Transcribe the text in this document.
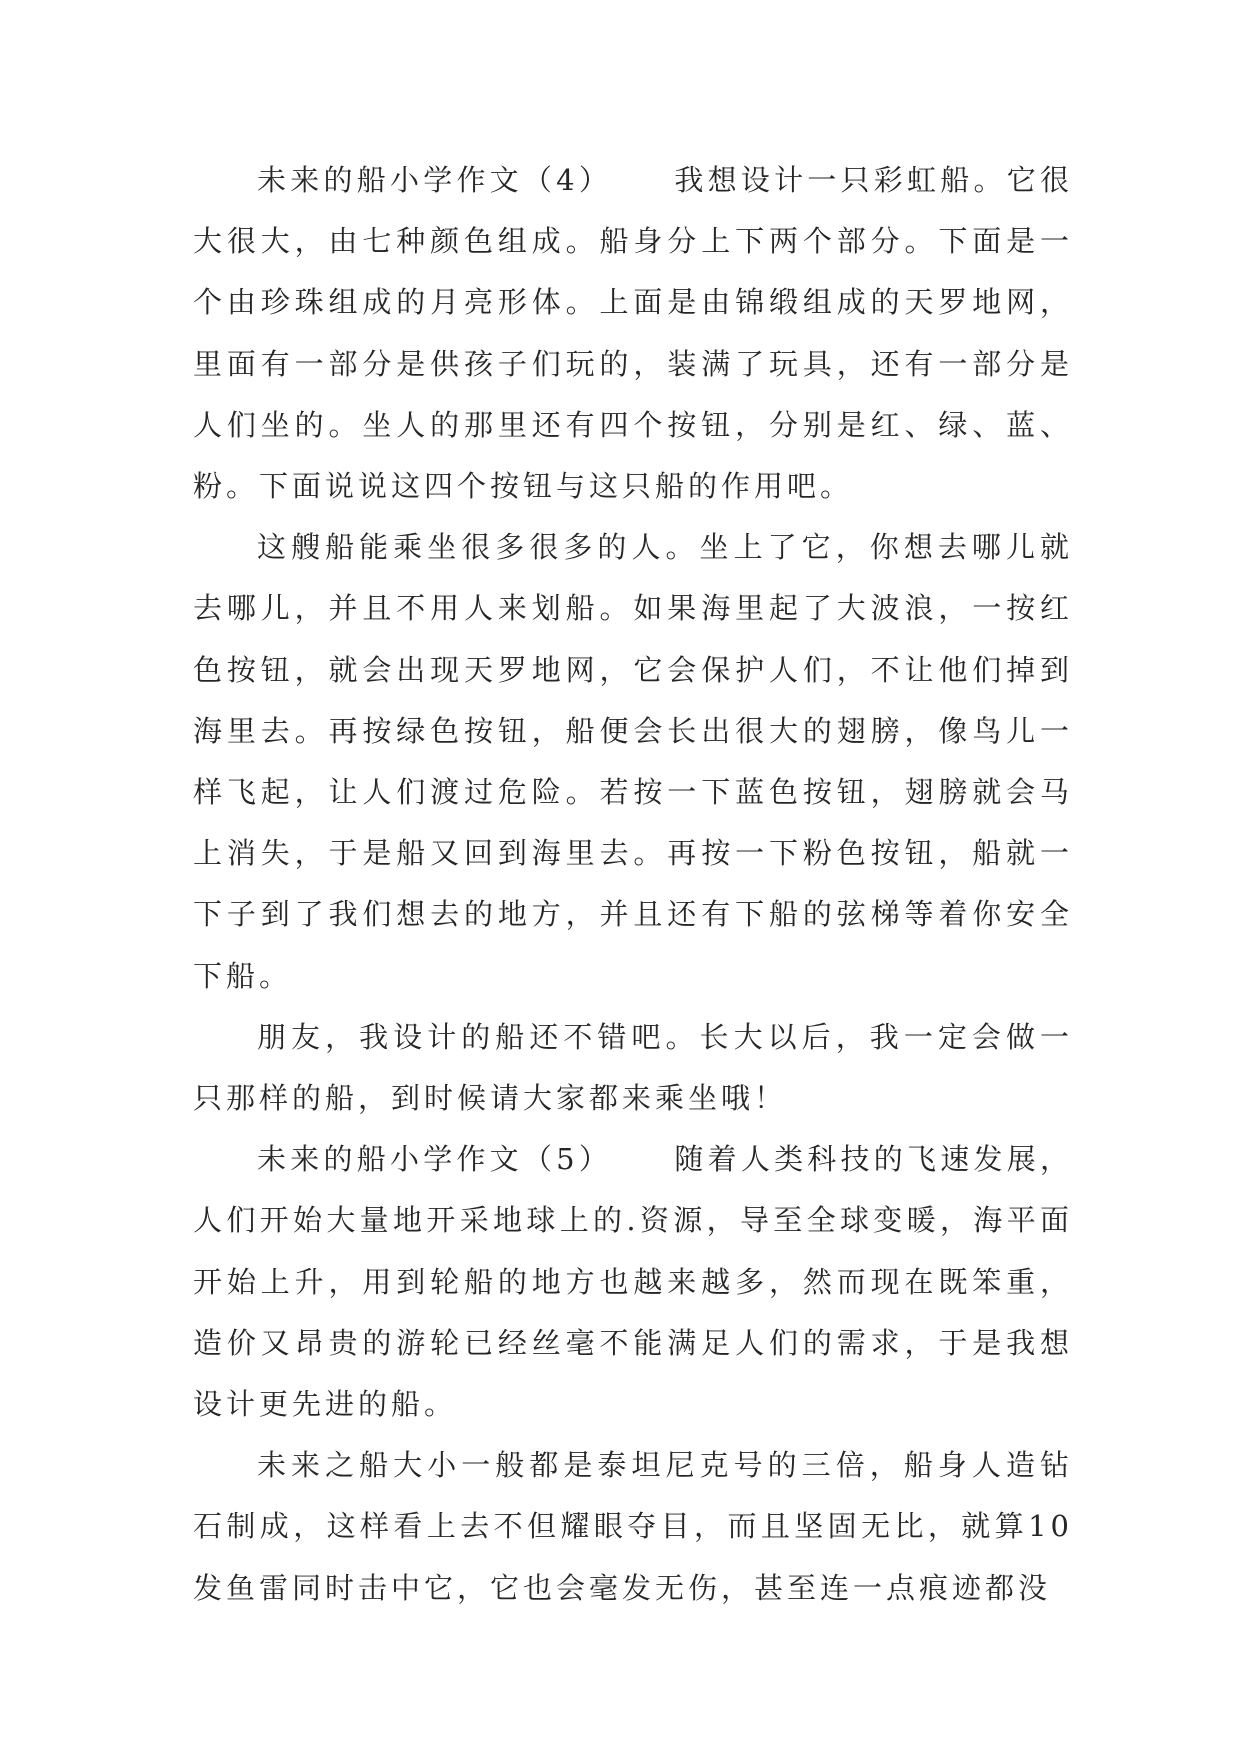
未来的船小学作文（4） 我想设计一只彩虹船。它很大很大，由七种颜色组成。船身分上下两个部分。下面是一个由珍珠组成的月亮形体。上面是由锦缎组成的天罗地网，里面有一部分是供孩子们玩的，装满了玩具，还有一部分是人们坐的。坐人的那里还有四个按钮，分别是红、绿、蓝、粉。下面说说这四个按钮与这只船的作用吧。

这艘船能乘坐很多很多的人。坐上了它，你想去哪儿就去哪儿，并且不用人来划船。如果海里起了大波浪，一按红色按钮，就会出现天罗地网，它会保护人们，不让他们掉到海里去。再按绿色按钮，船便会长出很大的翅膀，像鸟儿一样飞起，让人们渡过危险。若按一下蓝色按钮，翅膀就会马上消失，于是船又回到海里去。再按一下粉色按钮，船就一下子到了我们想去的地方，并且还有下船的弦梯等着你安全下船。

朋友，我设计的船还不错吧。长大以后，我一定会做一只那样的船，到时候请大家都来乘坐哦！

未来的船小学作文（5） 随着人类科技的飞速发展，人们开始大量地开采地球上的.资源，导至全球变暖，海平面开始上升，用到轮船的地方也越来越多，然而现在既笨重，造价又昂贵的游轮已经丝毫不能满足人们的需求，于是我想设计更先进的船。

未来之船大小一般都是泰坦尼克号的三倍，船身人造钻石制成，这样看上去不但耀眼夺目，而且坚固无比，就算10发鱼雷同时击中它，它也会毫发无伤，甚至连一点痕迹都没
